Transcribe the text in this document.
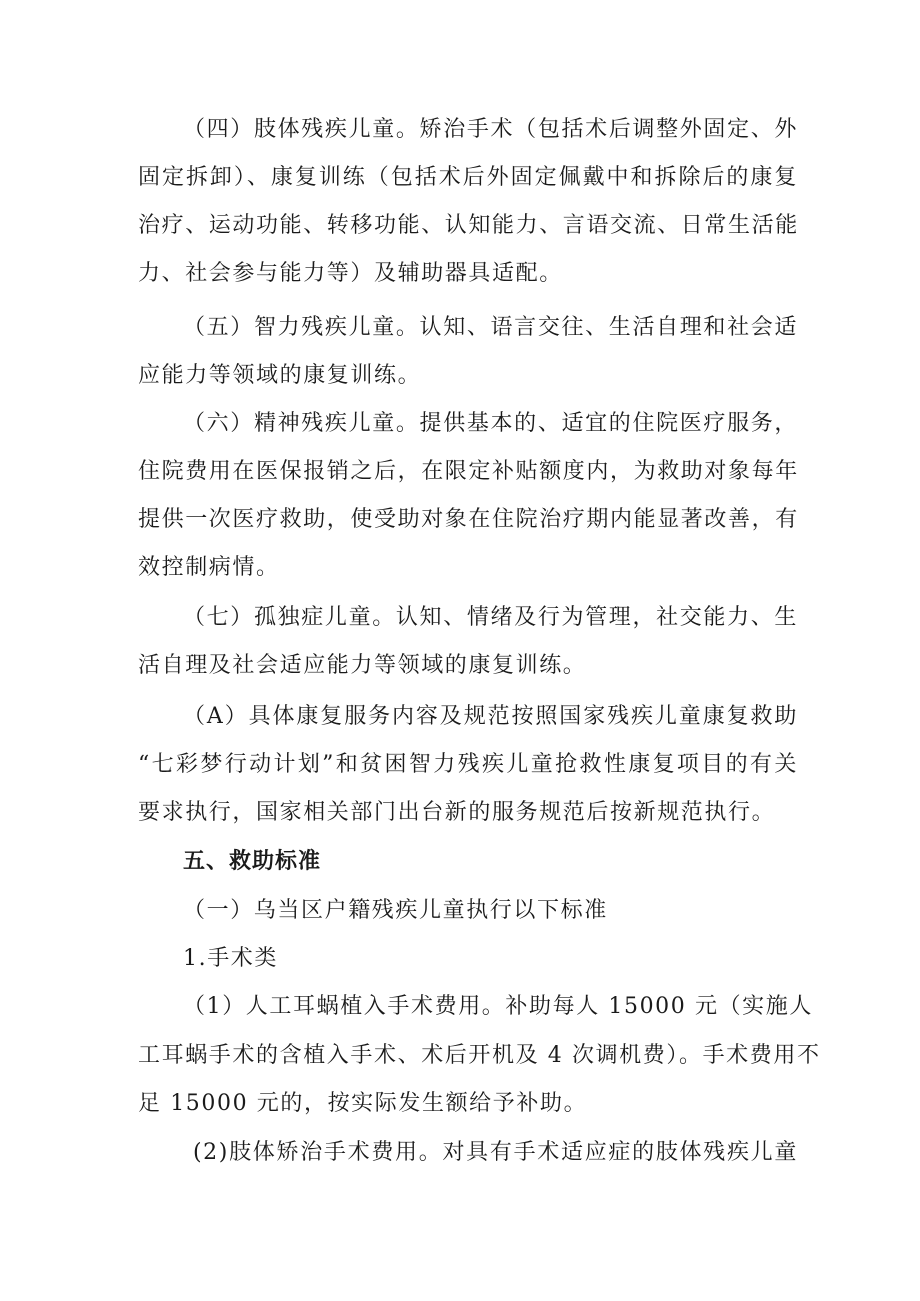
（四）肢体残疾儿童。矫治手术（包括术后调整外固定、外
固定拆卸）、康复训练（包括术后外固定佩戴中和拆除后的康复
治疗、运动功能、转移功能、认知能力、言语交流、日常生活能
力、社会参与能力等）及辅助器具适配。
（五）智力残疾儿童。认知、语言交往、生活自理和社会适
应能力等领域的康复训练。
（六）精神残疾儿童。提供基本的、适宜的住院医疗服务，
住院费用在医保报销之后，在限定补贴额度内，为救助对象每年
提供一次医疗救助，使受助对象在住院治疗期内能显著改善，有
效控制病情。
（七）孤独症儿童。认知、情绪及行为管理，社交能力、生
活自理及社会适应能力等领域的康复训练。
（A）具体康复服务内容及规范按照国家残疾儿童康复救助
“七彩梦行动计划”和贫困智力残疾儿童抢救性康复项目的有关
要求执行，国家相关部门出台新的服务规范后按新规范执行。
五、救助标准
（一）乌当区户籍残疾儿童执行以下标准
1.手术类
（1）人工耳蜗植入手术费用。补助每人 15000 元（实施人
工耳蜗手术的含植入手术、术后开机及 4 次调机费）。手术费用不
足 15000 元的，按实际发生额给予补助。
(2)肢体矫治手术费用。对具有手术适应症的肢体残疾儿童
